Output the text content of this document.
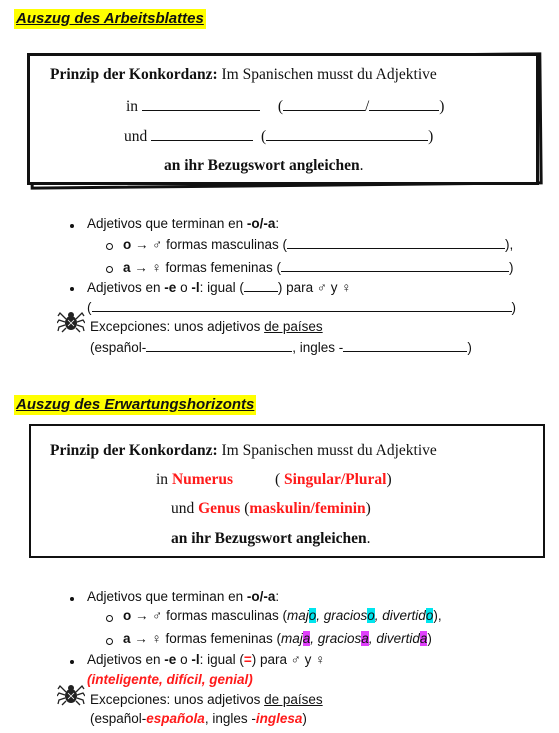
Auszug des Arbeitsblattes
Prinzip der Konkordanz: Im Spanischen musst du Adjektive
in	(	/	)
und	(	)
an ihr Bezugswort angleichen.
Adjetivos que terminan en -o/-a:
o → ♂ formas masculinas (	),
a → ♀ formas femeninas (	)
Adjetivos en -e o -l: igual (	) para ♂ y ♀
(	)
Excepciones: unos adjetivos de países
(español-	, ingles -	)
Auszug des Erwartungshorizonts
Prinzip der Konkordanz: Im Spanischen musst du Adjektive
in Numerus	( Singular/Plural)
und Genus (maskulin/feminin)
an ihr Bezugswort angleichen.
Adjetivos que terminan en -o/-a:
o → ♂ formas masculinas (majo, gracioso, divertido),
a → ♀ formas femeninas (maja, graciosa, divertida)
Adjetivos en -e o -l: igual (=) para ♂ y ♀
(inteligente, difícil, genial)
Excepciones: unos adjetivos de países
(español-española, ingles -inglesa)
